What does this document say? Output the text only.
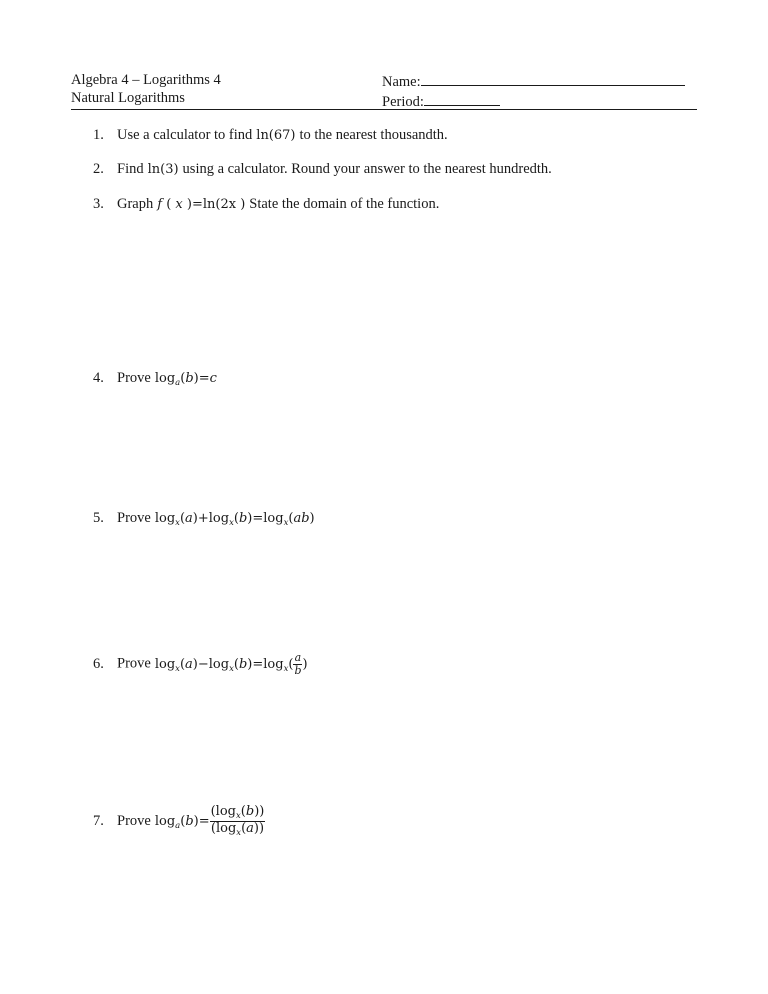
Algebra 4 – Logarithms 4
Natural Logarithms
Name:
Period:
1. Use a calculator to find ln(67) to the nearest thousandth.
2. Find ln(3) using a calculator. Round your answer to the nearest hundredth.
3. Graph f ( x )=ln(2x ) State the domain of the function.
4. Prove $\log_a(b)=c$
5. Prove $\log_x(a)+\log_x(b)=\log_x(ab)$
6. Prove $\log_x(a)-\log_x(b)=\log_x( \frac{a}{b}$ )
7. Prove $\log_a(b)= \frac{(\log_x(b))}{(\log_x(a))}$
